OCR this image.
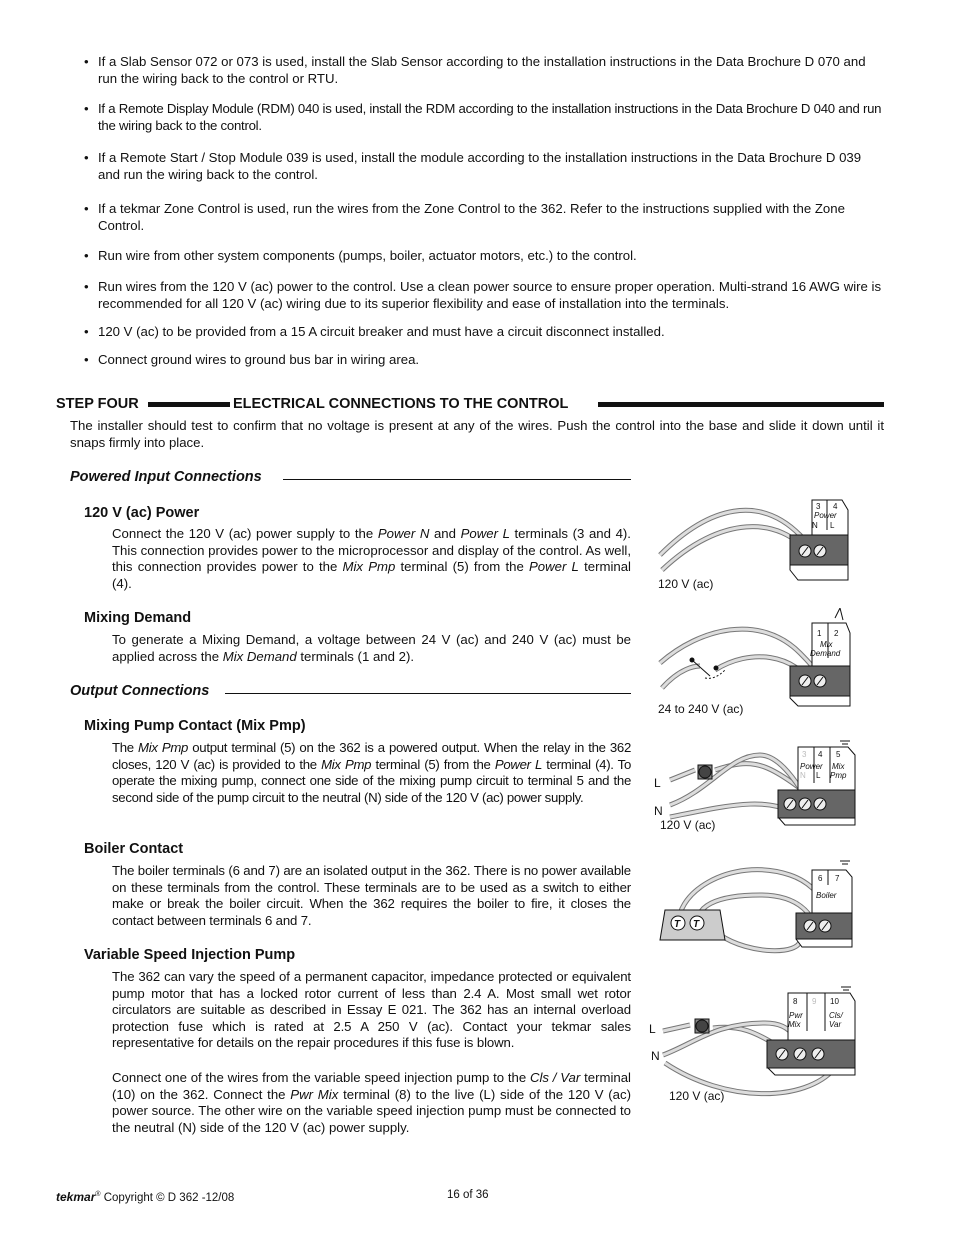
• If a Slab Sensor 072 or 073 is used, install the Slab Sensor according to the installation instructions in the Data Brochure D 070 and run the wiring back to the control or RTU.
• If a Remote Display Module (RDM) 040 is used, install the RDM according to the installation instructions in the Data Brochure D 040 and run the wiring back to the control.
• If a Remote Start / Stop Module 039 is used, install the module according to the installation instructions in the Data Brochure D 039 and run the wiring back to the control.
• If a tekmar Zone Control is used, run the wires from the Zone Control to the 362. Refer to the instructions supplied with the Zone Control.
• Run wire from other system components (pumps, boiler, actuator motors, etc.) to the control.
• Run wires from the 120 V (ac) power to the control. Use a clean power source to ensure proper operation. Multi-strand 16 AWG wire is recommended for all 120 V (ac) wiring due to its superior flexibility and ease of installation into the terminals.
• 120 V (ac) to be provided from a 15 A circuit breaker and must have a circuit disconnect installed.
• Connect ground wires to ground bus bar in wiring area.
STEP FOUR	ELECTRICAL CONNECTIONS TO THE CONTROL
The installer should test to confirm that no voltage is present at any of the wires. Push the control into the base and slide it down until it snaps firmly into place.
Powered Input Connections
120 V (ac) Power
Connect the 120 V (ac) power supply to the Power N and Power L terminals (3 and 4). This connection provides power to the microprocessor and display of the control. As well, this connection provides power to the Mix Pmp terminal (5) from the Power L terminal (4).
Mixing Demand
To generate a Mixing Demand, a voltage between 24 V (ac) and 240 V (ac) must be applied across the Mix Demand terminals (1 and 2).
Output Connections
Mixing Pump Contact (Mix Pmp)
The Mix Pmp output terminal (5) on the 362 is a powered output. When the relay in the 362 closes, 120 V (ac) is provided to the Mix Pmp terminal (5) from the Power L terminal (4). To operate the mixing pump, connect one side of the mixing pump circuit to terminal 5 and the second side of the pump circuit to the neutral (N) side of the 120 V (ac) power supply.
Boiler Contact
The boiler terminals (6 and 7) are an isolated output in the 362. There is no power available on these terminals from the control. These terminals are to be used as a switch to either make or break the boiler circuit. When the 362 requires the boiler to fire, it closes the contact between terminals 6 and 7.
Variable Speed Injection Pump
The 362 can vary the speed of a permanent capacitor, impedance protected or equivalent pump motor that has a locked rotor current of less than 2.4 A. Most small wet rotor circulators are suitable as described in Essay E 021. The 362 has an internal overload protection fuse which is rated at 2.5 A 250 V (ac). Contact your tekmar sales representative for details on the repair procedures if this fuse is blown.
Connect one of the wires from the variable speed injection pump to the Cls / Var terminal (10) on the 362. Connect the Pwr Mix terminal (8) to the live (L) side of the 120 V (ac) power source. The other wire on the variable speed injection pump must be connected to the neutral (N) side of the 120 V (ac) power supply.
3 4
Power
N L
120 V (ac)
1 2
Mix
Demand
24 to 240 V (ac)
3 4 5
Power Mix
N L Pmp
L
N
120 V (ac)
T T
6 7
Boiler
8 9 10
Pwr	Cls/
Mix	Var
L
N
120 V (ac)
tekmar® Copyright © D 362 -12/08	16 of 36
